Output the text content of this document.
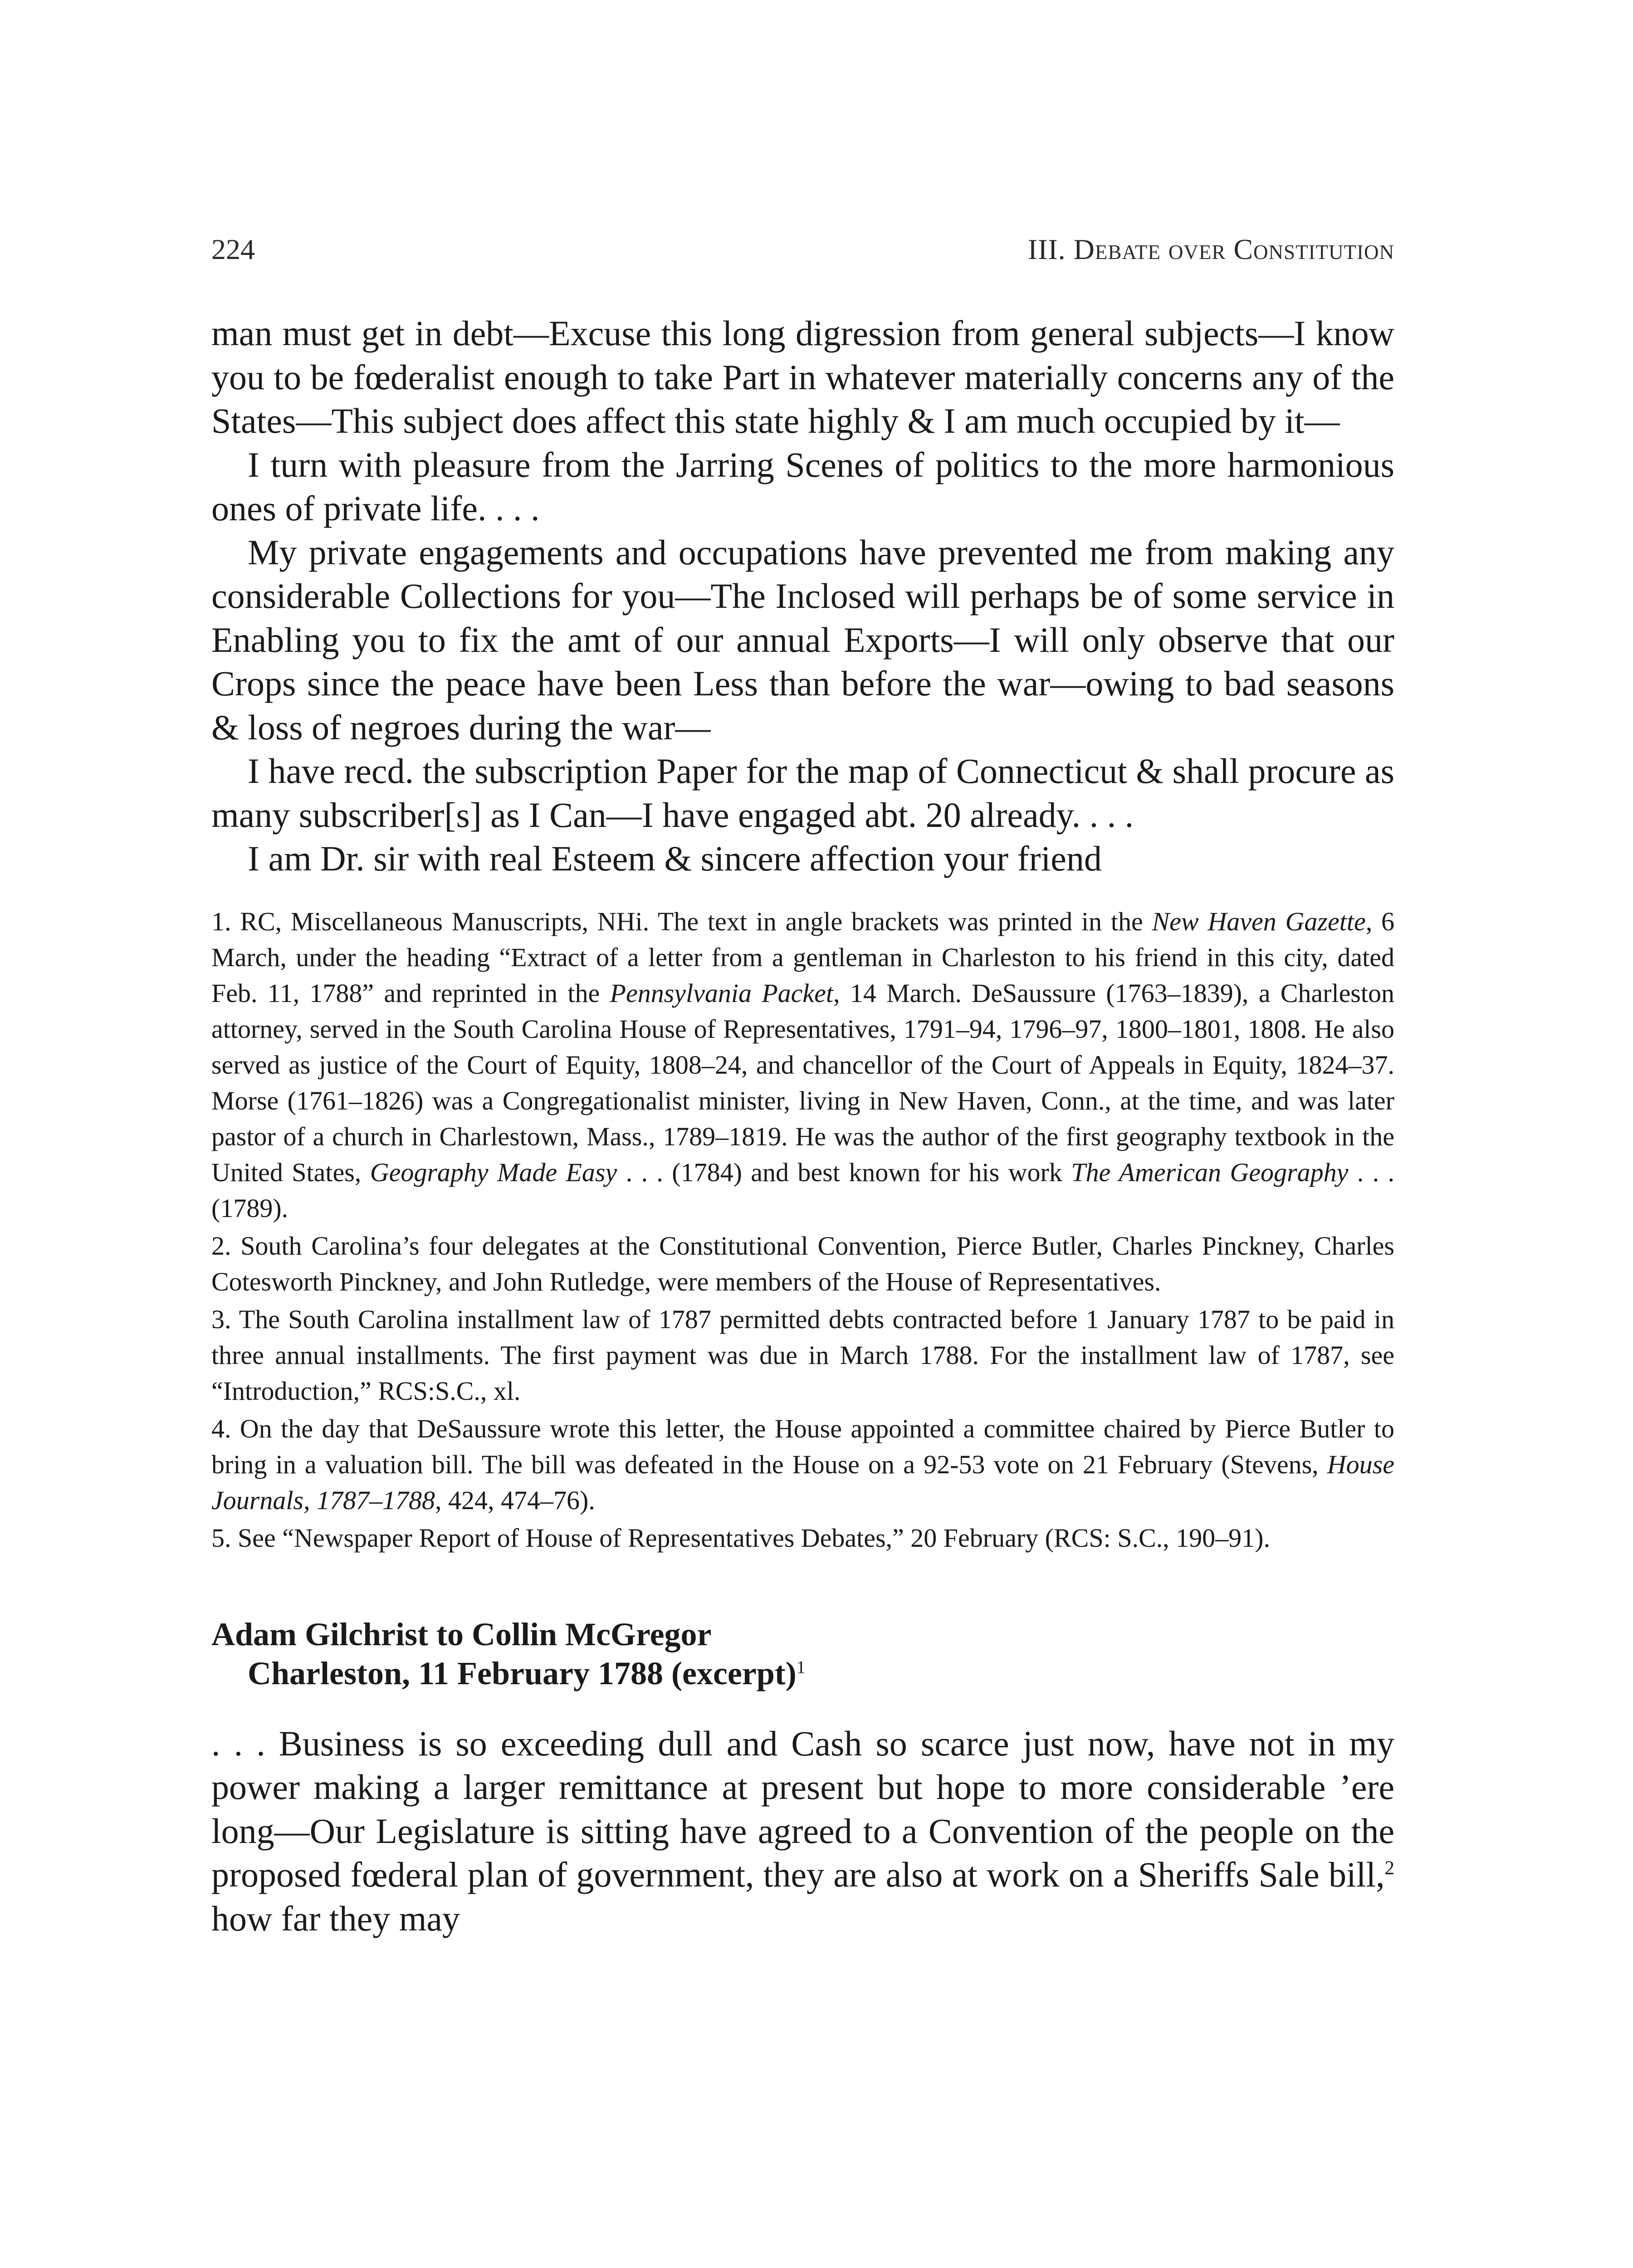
224	III. Debate over Constitution

man must get in debt—Excuse this long digression from general subjects—I know you to be fœderalist enough to take Part in whatever materially concerns any of the States—This subject does affect this state highly & I am much occupied by it—

I turn with pleasure from the Jarring Scenes of politics to the more harmonious ones of private life. . . .

My private engagements and occupations have prevented me from making any considerable Collections for you—The Inclosed will perhaps be of some service in Enabling you to fix the amt of our annual Exports—I will only observe that our Crops since the peace have been Less than before the war—owing to bad seasons & loss of negroes during the war—

I have recd. the subscription Paper for the map of Connecticut & shall procure as many subscriber[s] as I Can—I have engaged abt. 20 already. . . .

I am Dr. sir with real Esteem & sincere affection your friend

1. RC, Miscellaneous Manuscripts, NHi. The text in angle brackets was printed in the New Haven Gazette, 6 March, under the heading “Extract of a letter from a gentleman in Charleston to his friend in this city, dated Feb. 11, 1788” and reprinted in the Pennsylvania Packet, 14 March. DeSaussure (1763–1839), a Charleston attorney, served in the South Carolina House of Representatives, 1791–94, 1796–97, 1800–1801, 1808. He also served as justice of the Court of Equity, 1808–24, and chancellor of the Court of Appeals in Equity, 1824–37. Morse (1761–1826) was a Congregationalist minister, living in New Haven, Conn., at the time, and was later pastor of a church in Charlestown, Mass., 1789–1819. He was the author of the first geography textbook in the United States, Geography Made Easy . . . (1784) and best known for his work The American Geography . . . (1789).

2. South Carolina’s four delegates at the Constitutional Convention, Pierce Butler, Charles Pinckney, Charles Cotesworth Pinckney, and John Rutledge, were members of the House of Representatives.

3. The South Carolina installment law of 1787 permitted debts contracted before 1 January 1787 to be paid in three annual installments. The first payment was due in March 1788. For the installment law of 1787, see “Introduction,” RCS:S.C., xl.

4. On the day that DeSaussure wrote this letter, the House appointed a committee chaired by Pierce Butler to bring in a valuation bill. The bill was defeated in the House on a 92-53 vote on 21 February (Stevens, House Journals, 1787–1788, 424, 474–76).

5. See “Newspaper Report of House of Representatives Debates,” 20 February (RCS: S.C., 190–91).

Adam Gilchrist to Collin McGregor
Charleston, 11 February 1788 (excerpt)$^1$

. . . Business is so exceeding dull and Cash so scarce just now, have not in my power making a larger remittance at present but hope to more considerable ’ere long—Our Legislature is sitting have agreed to a Convention of the people on the proposed fœderal plan of government, they are also at work on a Sheriffs Sale bill,$^2$ how far they may
